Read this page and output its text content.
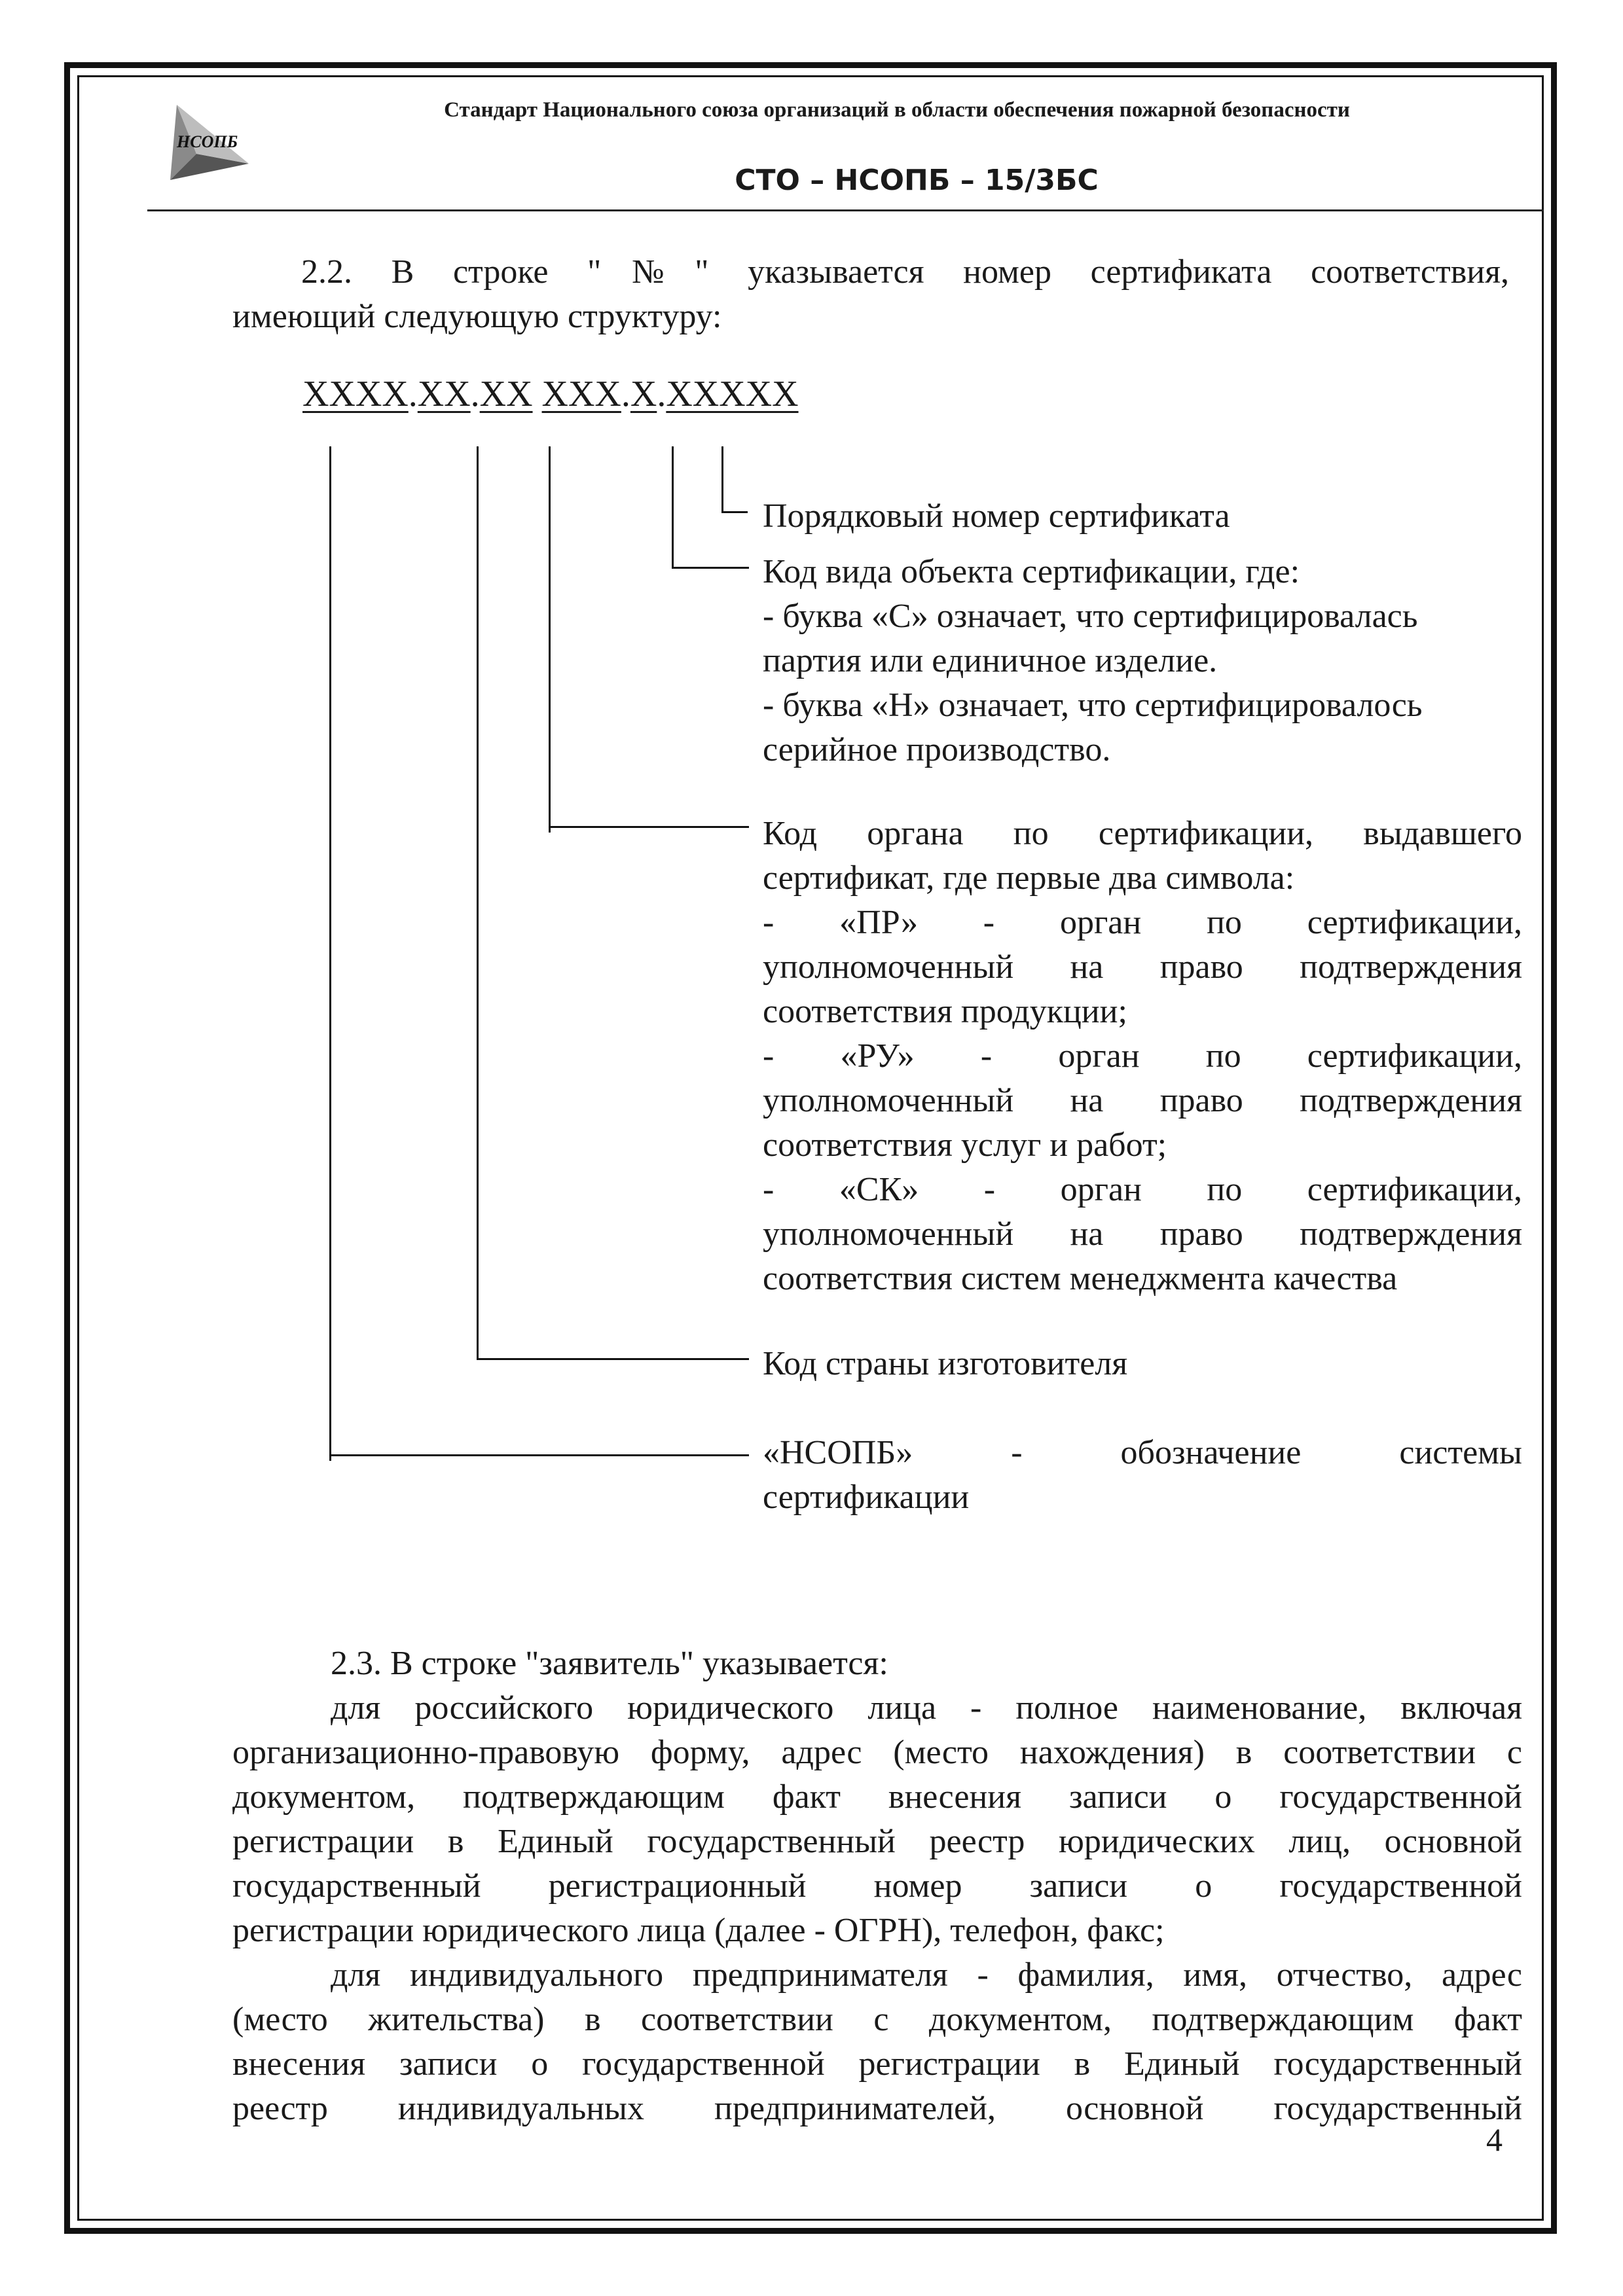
НСОПБ
Стандарт Национального союза организаций в области обеспечения пожарной безопасности
СТО – НСОПБ – 15/3БС
2.2. В строке "№" указывается номер сертификата соответствия,
имеющий следующую структуру:
XXXX.XX.XX XXX.X.XXXXX
Порядковый номер сертификата
Код вида объекта сертификации, где:
- буква «С» означает, что сертифицировалась
партия или единичное изделие.
- буква «Н» означает, что сертифицировалось
серийное производство.
Код органа по сертификации, выдавшего
сертификат, где первые два символа:
- «ПР» - орган по сертификации,
уполномоченный на право подтверждения
соответствия продукции;
- «РУ» - орган по сертификации,
уполномоченный на право подтверждения
соответствия услуг и работ;
- «СК» - орган по сертификации,
уполномоченный на право подтверждения
соответствия систем менеджмента качества
Код страны изготовителя
«НСОПБ» - обозначение системы
сертификации
2.3. В строке "заявитель" указывается:
для российского юридического лица - полное наименование, включая
организационно-правовую форму, адрес (место нахождения) в соответствии с
документом, подтверждающим факт внесения записи о государственной
регистрации в Единый государственный реестр юридических лиц, основной
государственный регистрационный номер записи о государственной
регистрации юридического лица (далее - ОГРН), телефон, факс;
для индивидуального предпринимателя - фамилия, имя, отчество, адрес
(место жительства) в соответствии с документом, подтверждающим факт
внесения записи о государственной регистрации в Единый государственный
реестр индивидуальных предпринимателей, основной государственный
4
